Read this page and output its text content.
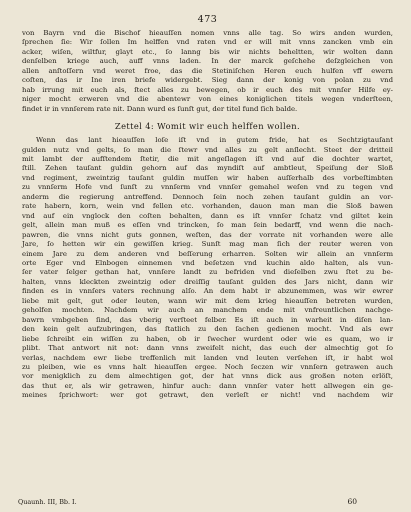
473

von Bayrn vnd die Bischof hieauſſen nomen vnns alle tag. So wirs anden wurden,

ſprechen ſie: Wir ſollen Im helffen vnd raten vnd er will mit vnns zancken vmb ein

acker, wiſen, wiltfur, glayt etc., ſo lanng bis wir nichts beheltten, wir wolten dann

denſelben kriege auch, auff vnns laden. In der marck geſchehe deſzgleichen von

allen anſtoſſern vnd weret froe, das die Stetiniſchen Heren euch hulfen vff ewern

coſten, das ir Ine iren briefe widergebt. Sieg dann der konig von polan zu vnd

hab irrung mit euch als, ſtect alles zu bewegen, ob ir euch des mit vnnſer Hilfe ey-

niger mocht erweren vnd die abentewr von eines koniglichen titels wegen vnderſteen,

findet ir in vnnſerem rate nit. Dann wurd es ſunſt gut, der titel fund ſich balde.

Zettel 4: Womit wir euch helffen wollen.

Wenn das lant hieauſſen loſe iſt vnd in gutem fride, hat es Sechtzigtauſant

gulden nutz vnd gelts, ſo man die ſtewr vnd alles zu gelt anſlecht. Steet der dritteil

mit lambt der aufſtendem ſtetir, die mit angeſlagen iſt vnd auf die dochter wartet,

ſtill. Zehen tauſant guldin gehorn auf das myndiſt auf ambtleut, Speiſung der Sloß

vnd regiment, zweintzig tauſant guldin muſſen wir haben auſſerhalb des vorbeſtimbten

zu vnnſerm Hofe vnd ſunſt zu vnnſerm vnd vnnſer gemahel weſen vnd zu tegen vnd

anderm die regierung antreffend. Dennoch ſein noch zehen tauſant guldin an vor-

rate habern, korn, wein vnd fellen etc. vorhanden, dauon man man die Sloß bawen

vnd auf ein vnglock den coſten behalten, dann es iſt vnnſer ſchatz vnd giltet kein

gelt, allein man muß es eſſen vnd trincken, ſo man ſein bedarff, vnd wenn die nach-

pawren, die vnns nicht guts gonnen, weſten, das der vorrate nit vorhanden were alle

Jare, ſo hetten wir ein gewiſſen krieg. Sunſt mag man ſich der reuter weren von

einem Jare zu dem anderen vnd beſſerung erharren. Solten wir allein an vnnſerm

orte Eger vnd Elnbogen einnemen vnd beſetzen vnd kuchin aldo halten, als vun-

ſer vater ſelger gethan hat, vnnſere landt zu befriden vnd dieſelben zwu ſtet zu be-

halten, vnns kleckten zweintzig oder dreiſſig tauſant gulden des Jars nicht, dann wir

finden es in vnnſers vaters rechnung alſo. An dem habt ir abzunemmen, was wir ewrer

liebe mit gelt, gut oder leuten, wann wir mit dem krieg hieauſſen betreten wurden,

geholfen mochten. Nachdem wir auch an manchem ende mit vnfreuntlichen nachge-

bawrn vmbgeben ſind, das vberig verſteet felber. Es iſt auch in warheit in diſen lan-

den kein gelt aufzubringen, das ſtatlich zu den ſachen gedienen mocht. Vnd als ewr

liebe ſchreibt ein wiſſen zu haben, ob ir ſwecher wurdent oder wie es quam, wo ir

plibt. That antwort nit not: dann vnns zweifelt nicht, das euch der almechtig got ſo

verlas, nachdem ewr liebe treffenlich mit landen vnd leuten verſehen iſt, ir habt wol

zu pleiben, wie es vnns halt hieauſſen ergee. Noch ſeczen wir vnnſern getrawen auch

vor menigklich zu dem almechtigen got, der hat vnns dick aus großen noten erlöſt,

das thut er, als wir getrawen, hinfur auch: dann vnnſer vater hett allwegen ein ge-

meines ſprichwort: wer got getrawt, den verleſt er nicht! vnd nachdem wir

Quaunh. III, Bb. I.	60
